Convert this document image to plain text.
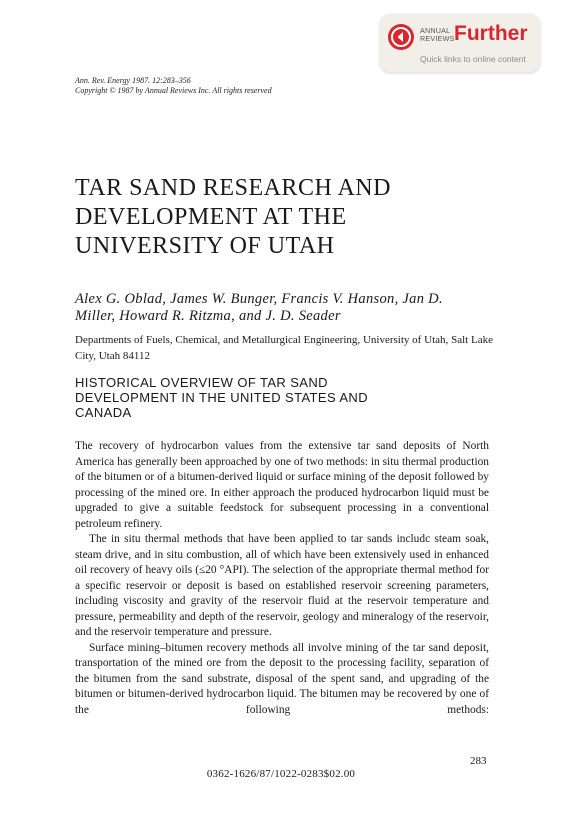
ANNUAL
REVIEWS Further
Quick links to online content
Ann. Rev. Energy 1987. 12:283–356
Copyright © 1987 by Annual Reviews Inc. All rights reserved
TAR SAND RESEARCH AND
DEVELOPMENT AT THE
UNIVERSITY OF UTAH
Alex G. Oblad, James W. Bunger, Francis V. Hanson, Jan D.
Miller, Howard R. Ritzma, and J. D. Seader
Departments of Fuels, Chemical, and Metallurgical Engineering, University of Utah, Salt Lake City, Utah 84112
HISTORICAL OVERVIEW OF TAR SAND
DEVELOPMENT IN THE UNITED STATES AND
CANADA

The recovery of hydrocarbon values from the extensive tar sand deposits of North America has generally been approached by one of two methods: in situ thermal production of the bitumen or of a bitumen-derived liquid or surface mining of the deposit followed by processing of the mined ore. In either approach the produced hydrocarbon liquid must be upgraded to give a suitable feedstock for subsequent processing in a conventional petroleum refinery.

The in situ thermal methods that have been applied to tar sands includc steam soak, steam drive, and in situ combustion, all of which have been extensively used in enhanced oil recovery of heavy oils (≤20 °API). The selection of the appropriate thermal method for a specific reservoir or deposit is based on established reservoir screening parameters, including viscosity and gravity of the reservoir fluid at the reservoir temperature and pressure, permeability and depth of the reservoir, geology and mineralogy of the reservoir, and the reservoir temperature and pressure.

Surface mining–bitumen recovery methods all involve mining of the tar sand deposit, transportation of the mined ore from the deposit to the processing facility, separation of the bitumen from the sand substrate, disposal of the spent sand, and upgrading of the bitumen or bitumen-derived hydrocarbon liquid. The bitumen may be recovered by one of the following methods:

283
0362-1626/87/1022-0283$02.00
